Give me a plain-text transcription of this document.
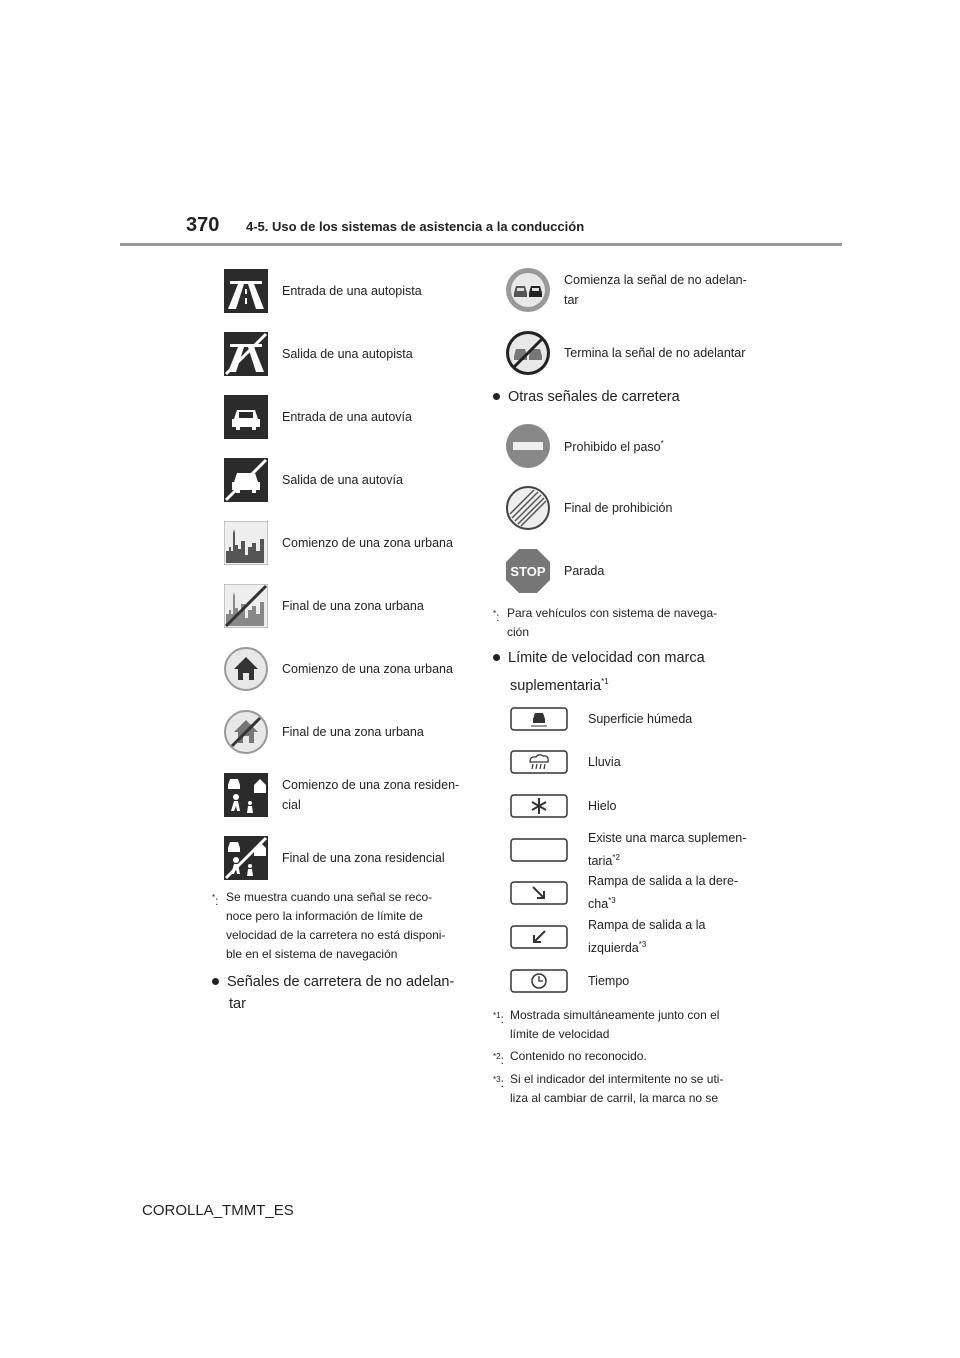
370 4-5. Uso de los sistemas de asistencia a la conducción
Entrada de una autopista
Salida de una autopista
Entrada de una autovía
Salida de una autovía
Comienzo de una zona urbana
Final de una zona urbana
Comienzo de una zona urbana
Final de una zona urbana
Comienzo de una zona residen-
cial
Final de una zona residencial
*: Se muestra cuando una señal se reco-
noce pero la información de límite de
velocidad de la carretera no está disponi-
ble en el sistema de navegación
Señales de carretera de no adelan-
tar
Comienza la señal de no adelan-
tar
Termina la señal de no adelantar
Otras señales de carretera
Prohibido el paso*
Final de prohibición
STOP Parada
*: Para vehículos con sistema de navega-
ción
Límite de velocidad con marca
suplementaria$^{*1}$
Superficie húmeda
Lluvia
Hielo
Existe una marca suplemen-
taria$^{*2}$
Rampa de salida a la dere-
cha$^{*3}$
Rampa de salida a la
izquierda$^{*3}$
Tiempo
$^{*1}$: Mostrada simultáneamente junto con el
límite de velocidad
$^{*2}$: Contenido no reconocido.
$^{*3}$: Si el indicador del intermitente no se uti-
liza al cambiar de carril, la marca no se
COROLLA_TMMT_ES
